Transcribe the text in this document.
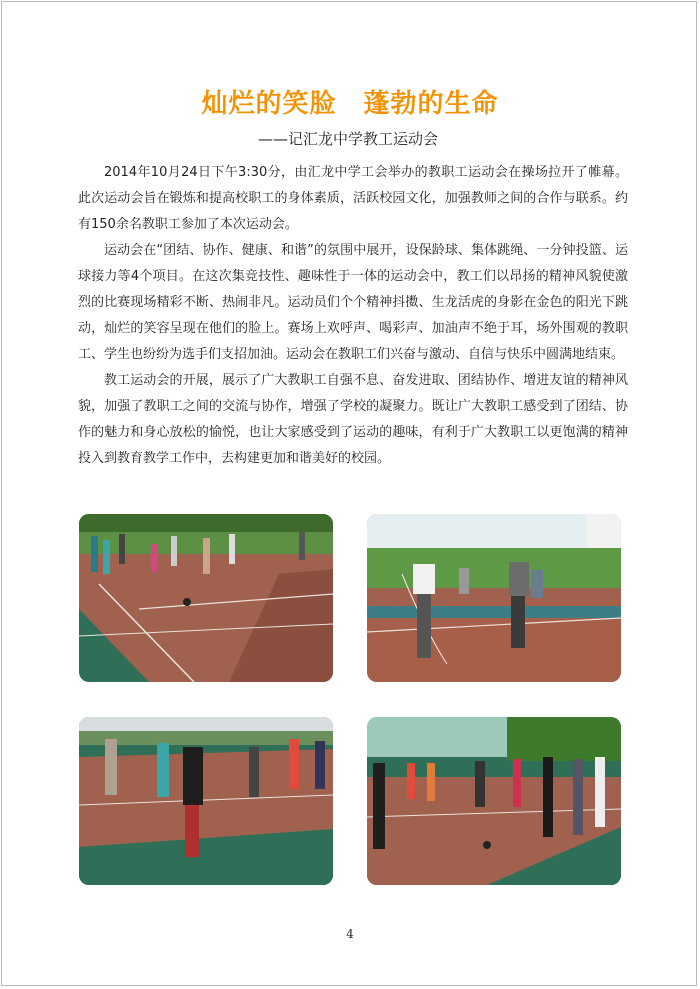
灿烂的笑脸　蓬勃的生命
——记汇龙中学教工运动会

2014年10月24日下午3:30分，由汇龙中学工会举办的教职工运动会在操场拉开了帷幕。此次运动会旨在锻炼和提高校职工的身体素质，活跃校园文化，加强教师之间的合作与联系。约有150余名教职工参加了本次运动会。

运动会在“团结、协作、健康、和谐”的氛围中展开，设保龄球、集体跳绳、一分钟投篮、运球接力等4个项目。在这次集竞技性、趣味性于一体的运动会中，教工们以昂扬的精神风貌使激烈的比赛现场精彩不断、热闹非凡。运动员们个个精神抖擞、生龙活虎的身影在金色的阳光下跳动，灿烂的笑容呈现在他们的脸上。赛场上欢呼声、喝彩声、加油声不绝于耳，场外围观的教职工、学生也纷纷为选手们支招加油。运动会在教职工们兴奋与激动、自信与快乐中圆满地结束。

教工运动会的开展，展示了广大教职工自强不息、奋发进取、团结协作、增进友谊的精神风貌，加强了教职工之间的交流与协作，增强了学校的凝聚力。既让广大教职工感受到了团结、协作的魅力和身心放松的愉悦，也让大家感受到了运动的趣味，有利于广大教职工以更饱满的精神投入到教育教学工作中，去构建更加和谐美好的校园。

4
